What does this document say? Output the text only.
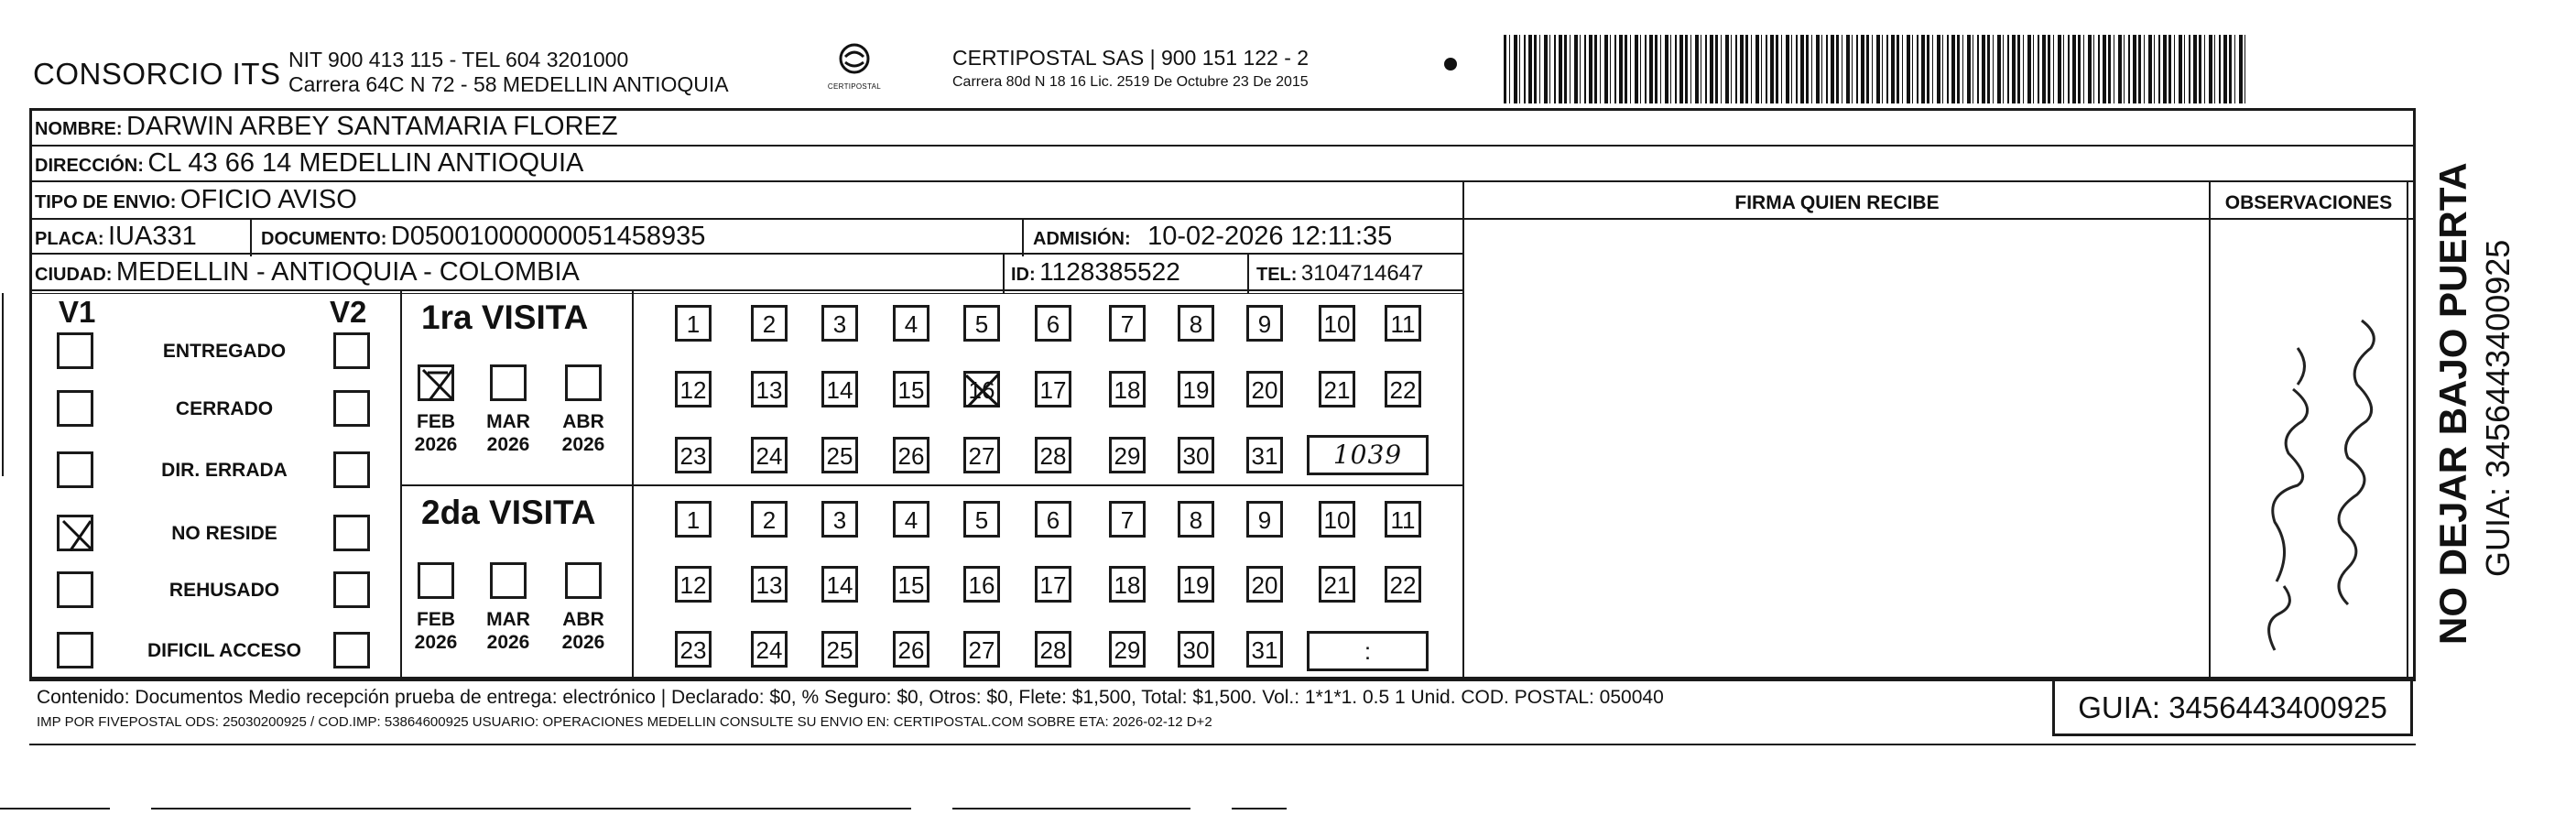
CONSORCIO ITS NIT 900 413 115 - TEL 604 3201000
Carrera 64C N 72 - 58 MEDELLIN ANTIOQUIA	CERTIPOSTAL
CERTIPOSTAL SAS | 900 151 122 - 2
Carrera 80d N 18 16 Lic. 2519 De Octubre 23 De 2015
NOMBRE: DARWIN ARBEY SANTAMARIA FLOREZ
DIRECCIÓN: CL 43 66 14 MEDELLIN ANTIOQUIA
TIPO DE ENVIO: OFICIO AVISO	FIRMA QUIEN RECIBE	OBSERVACIONES
PLACA: IUA331	DOCUMENTO: D05001000000051458935	ADMISIÓN: 10-02-2026 12:11:35
CIUDAD: MEDELLIN - ANTIOQUIA - COLOMBIA	ID: 1128385522	TEL: 3104714647
V1	V2
ENTREGADO
CERRADO
DIR. ERRADA
NO RESIDE
REHUSADO
DIFICIL ACCESO
1ra VISITA
2da VISITA
FEB
2026
MAR
2026
ABR
2026
FEB
2026
MAR
2026
ABR
2026
1	2	3	4	5	6	7	8	9	10 11
12 13 14 15 16 17 18 19 20 21 22
23 24 25 26 27 28 29 30 31
1	2	3	4	5	6	7	8	9	10 11
12 13 14 15 16 17 18 19 20 21 22
23 24 25 26 27 28 29 30 31
1039
:
Contenido: Documentos Medio recepción prueba de entrega: electrónico | Declarado: $0, % Seguro: $0, Otros: $0, Flete: $1,500, Total: $1,500. Vol.: 1*1*1. 0.5 1 Unid. COD. POSTAL: 050040
IMP POR FIVEPOSTAL ODS: 25030200925 / COD.IMP: 53864600925 USUARIO: OPERACIONES MEDELLIN CONSULTE SU ENVIO EN: CERTIPOSTAL.COM SOBRE ETA: 2026-02-12 D+2	GUIA: 3456443400925
NO DEJAR BAJO PUERTA GUIA: 3456443400925
